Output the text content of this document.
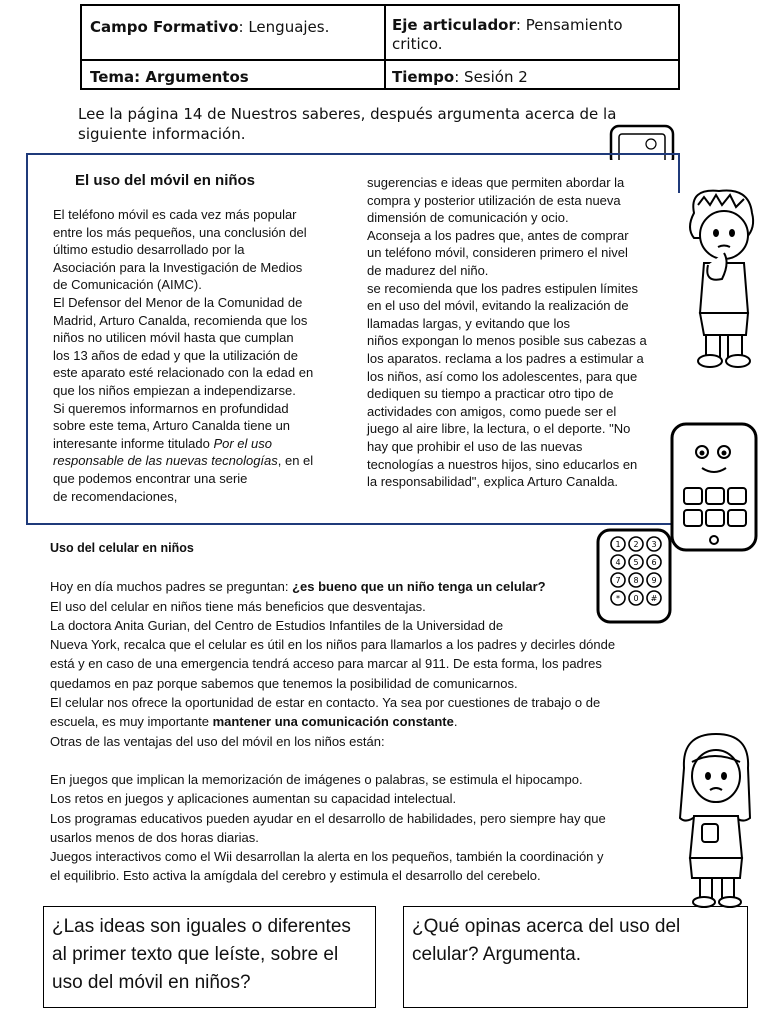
Campo Formativo: Lenguajes.	Eje articulador: Pensamiento
critico.
Tema: Argumentos	Tiempo: Sesión 2
Lee la página 14 de Nuestros saberes, después argumenta acerca de la
siguiente información.
El uso del móvil en niños
El teléfono móvil es cada vez más popular
entre los más pequeños, una conclusión del
último estudio desarrollado por la
Asociación para la Investigación de Medios
de Comunicación (AIMC).
El Defensor del Menor de la Comunidad de
Madrid, Arturo Canalda, recomienda que los
niños no utilicen móvil hasta que cumplan
los 13 años de edad y que la utilización de
este aparato esté relacionado con la edad en
que los niños empiezan a independizarse.
Si queremos informarnos en profundidad
sobre este tema, Arturo Canalda tiene un
interesante informe titulado Por el uso
responsable de las nuevas tecnologías, en el
que podemos encontrar una serie
de recomendaciones,
sugerencias e ideas que permiten abordar la
compra y posterior utilización de esta nueva
dimensión de comunicación y ocio.
Aconseja a los padres que, antes de comprar
un teléfono móvil, consideren primero el nivel
de madurez del niño.
se recomienda que los padres estipulen límites
en el uso del móvil, evitando la realización de
llamadas largas, y evitando que los
niños expongan lo menos posible sus cabezas a
los aparatos. reclama a los padres a estimular a
los niños, así como los adolescentes, para que
dediquen su tiempo a practicar otro tipo de
actividades con amigos, como puede ser el
juego al aire libre, la lectura, o el deporte. "No
hay que prohibir el uso de las nuevas
tecnologías a nuestros hijos, sino educarlos en
la responsabilidad", explica Arturo Canalda.

Uso del celular en niños

Hoy en día muchos padres se preguntan: ¿es bueno que un niño tenga un celular?

El uso del celular en niños tiene más beneficios que desventajas.

La doctora Anita Gurian, del Centro de Estudios Infantiles de la Universidad de

Nueva York, recalca que el celular es útil en los niños para llamarlos a los padres y decirles dónde

está y en caso de una emergencia tendrá acceso para marcar al 911. De esta forma, los padres

quedamos en paz porque sabemos que tenemos la posibilidad de comunicarnos.

El celular nos ofrece la oportunidad de estar en contacto. Ya sea por cuestiones de trabajo o de

escuela, es muy importante mantener una comunicación constante.

Otras de las ventajas del uso del móvil en los niños están:

En juegos que implican la memorización de imágenes o palabras, se estimula el hipocampo.

Los retos en juegos y aplicaciones aumentan su capacidad intelectual.

Los programas educativos pueden ayudar en el desarrollo de habilidades, pero siempre hay que

usarlos menos de dos horas diarias.

Juegos interactivos como el Wii desarrollan la alerta en los pequeños, también la coordinación y

el equilibrio. Esto activa la amígdala del cerebro y estimula el desarrollo del cerebelo.

1 2 3
4 5 6
7 8 9
* 0 #
¿Las ideas son iguales o diferentes al primer texto que leíste, sobre el uso del móvil en niños?
¿Qué opinas acerca del uso del celular? Argumenta.
